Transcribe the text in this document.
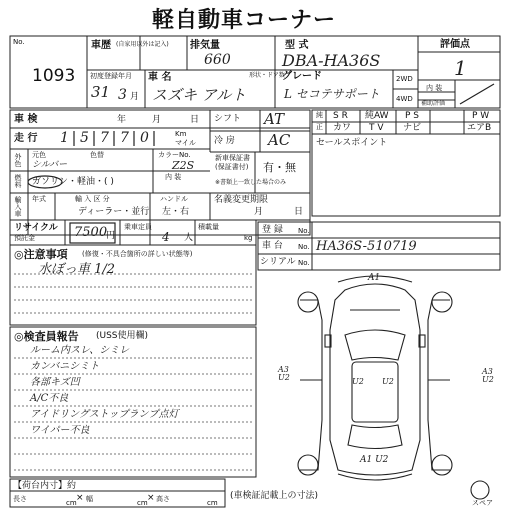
軽自動車コーナー
No.
1093
車歴 (自家用以外は記入) 排気量
660
型 式
DBA-HA36S
評価点
1
初度登録年月
31 3 月
車 名
スズキ アルト
形状・ドア数
グレード
L セコテサポート
2WD
4WD
内 装
補助評価
車 検	年	月	日
走 行 1 5 7 7 0	Km
マイル
シフト AT
冷 房 AC
外色 元色	色替
シルバー
カラーNo.
Z2S
燃料 ガソリン・軽油・( )	内 装
新車保証書
(保証書付) 有・無
※書類上一致した場合のみ
輸入車 年式	輸 入 区 分
ディーラー・並行
ハンドル
左・右
名義変更期限
月	日
リサイクル
預託金	7500
円
乗車定員
4 人
積載量
kg
純 S R 純AW P S	P W
正 カワ T V ナビ	エアB
セールスポイント
登 録 No.
車 台 No. HA36S-510719
シリアル No.
◎注意事項 (修復・不具合箇所の詳しい状態等)
水ぼっ車 1/2
◎検査員報告 (USS使用欄)
ルーム内スレ、シミレ
カンバニシミト
各部キズ凹
A/C不良
アイドリングストップランプ点灯
ワイパー不良
A1
A3 U2
A3 U2
A1 U2
U2 U2
スペア
【荷台内寸】約
長さ	cm × 幅	cm × 高さ	cm
(車検証記載上の寸法)
